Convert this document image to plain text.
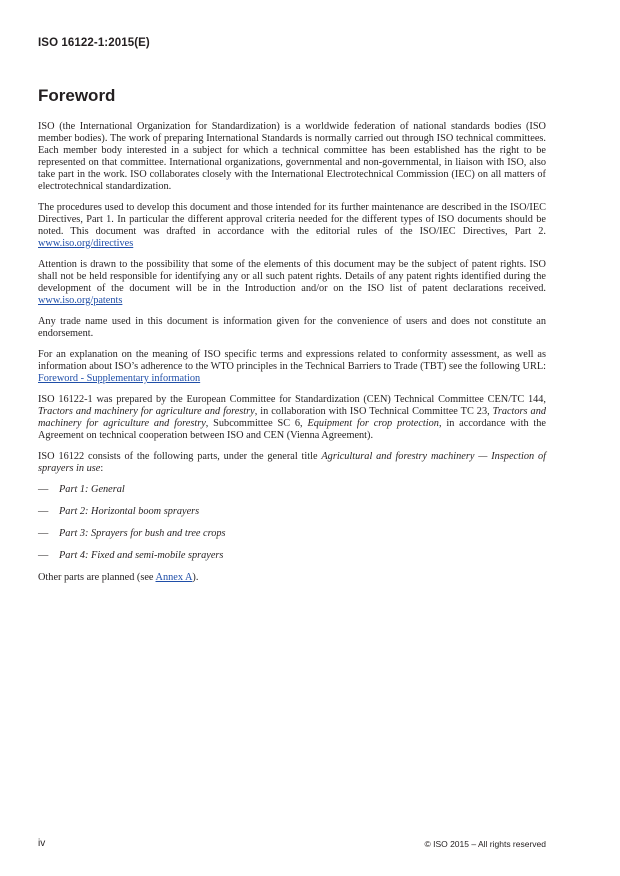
ISO 16122-1:2015(E)
Foreword

ISO (the International Organization for Standardization) is a worldwide federation of national standards bodies (ISO member bodies). The work of preparing International Standards is normally carried out through ISO technical committees. Each member body interested in a subject for which a technical committee has been established has the right to be represented on that committee. International organizations, governmental and non-governmental, in liaison with ISO, also take part in the work. ISO collaborates closely with the International Electrotechnical Commission (IEC) on all matters of electrotechnical standardization.

The procedures used to develop this document and those intended for its further maintenance are described in the ISO/IEC Directives, Part 1. In particular the different approval criteria needed for the different types of ISO documents should be noted. This document was drafted in accordance with the editorial rules of the ISO/IEC Directives, Part 2. www.iso.org/directives

Attention is drawn to the possibility that some of the elements of this document may be the subject of patent rights. ISO shall not be held responsible for identifying any or all such patent rights. Details of any patent rights identified during the development of the document will be in the Introduction and/or on the ISO list of patent declarations received. www.iso.org/patents

Any trade name used in this document is information given for the convenience of users and does not constitute an endorsement.

For an explanation on the meaning of ISO specific terms and expressions related to conformity assessment, as well as information about ISO’s adherence to the WTO principles in the Technical Barriers to Trade (TBT) see the following URL: Foreword - Supplementary information

ISO 16122-1 was prepared by the European Committee for Standardization (CEN) Technical Committee CEN/TC 144, Tractors and machinery for agriculture and forestry, in collaboration with ISO Technical Committee TC 23, Tractors and machinery for agriculture and forestry, Subcommittee SC 6, Equipment for crop protection, in accordance with the Agreement on technical cooperation between ISO and CEN (Vienna Agreement).

ISO 16122 consists of the following parts, under the general title Agricultural and forestry machinery — Inspection of sprayers in use:

—	Part 1: General
—	Part 2: Horizontal boom sprayers
—	Part 3: Sprayers for bush and tree crops
—	Part 4: Fixed and semi-mobile sprayers

Other parts are planned (see Annex A).

iv	© ISO 2015 – All rights reserved
